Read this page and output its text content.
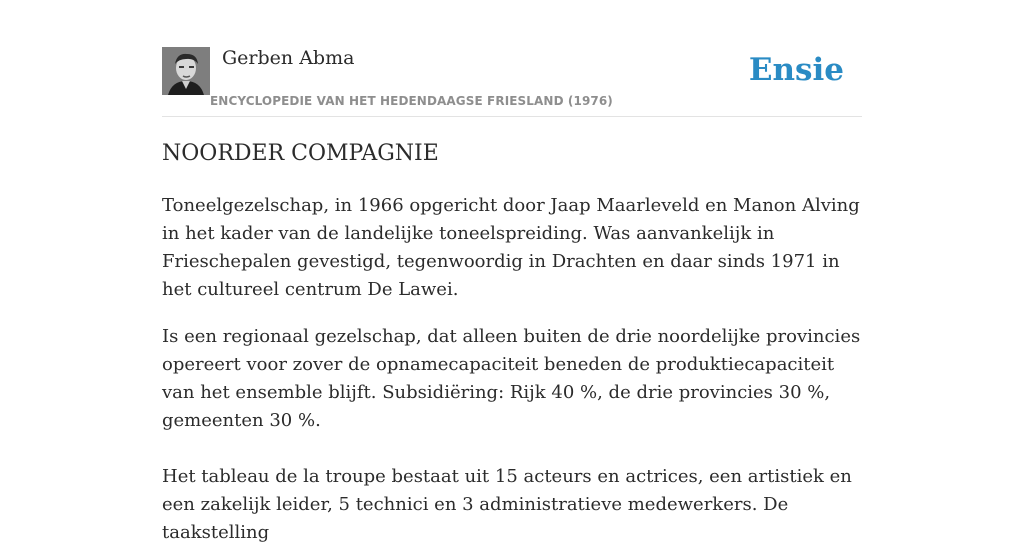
Gerben Abma
ENCYCLOPEDIE VAN HET HEDENDAAGSE FRIESLAND (1976)
Ensie
NOORDER COMPAGNIE

Toneelgezelschap, in 1966 opgericht door Jaap Maarleveld en Manon Alving in het kader van de landelijke toneelspreiding. Was aanvankelijk in Frieschepalen gevestigd, tegenwoordig in Drachten en daar sinds 1971 in het cultureel centrum De Lawei.

Is een regionaal gezelschap, dat alleen buiten de drie noordelijke provincies opereert voor zover de opnamecapaciteit beneden de produktiecapaciteit van het ensemble blijft. Subsidiëring: Rijk 40 %, de drie provincies 30 %, gemeenten 30 %.

Het tableau de la troupe bestaat uit 15 acteurs en actrices, een artistiek en een zakelijk leider, 5 technici en 3 administratieve medewerkers. De taakstelling
